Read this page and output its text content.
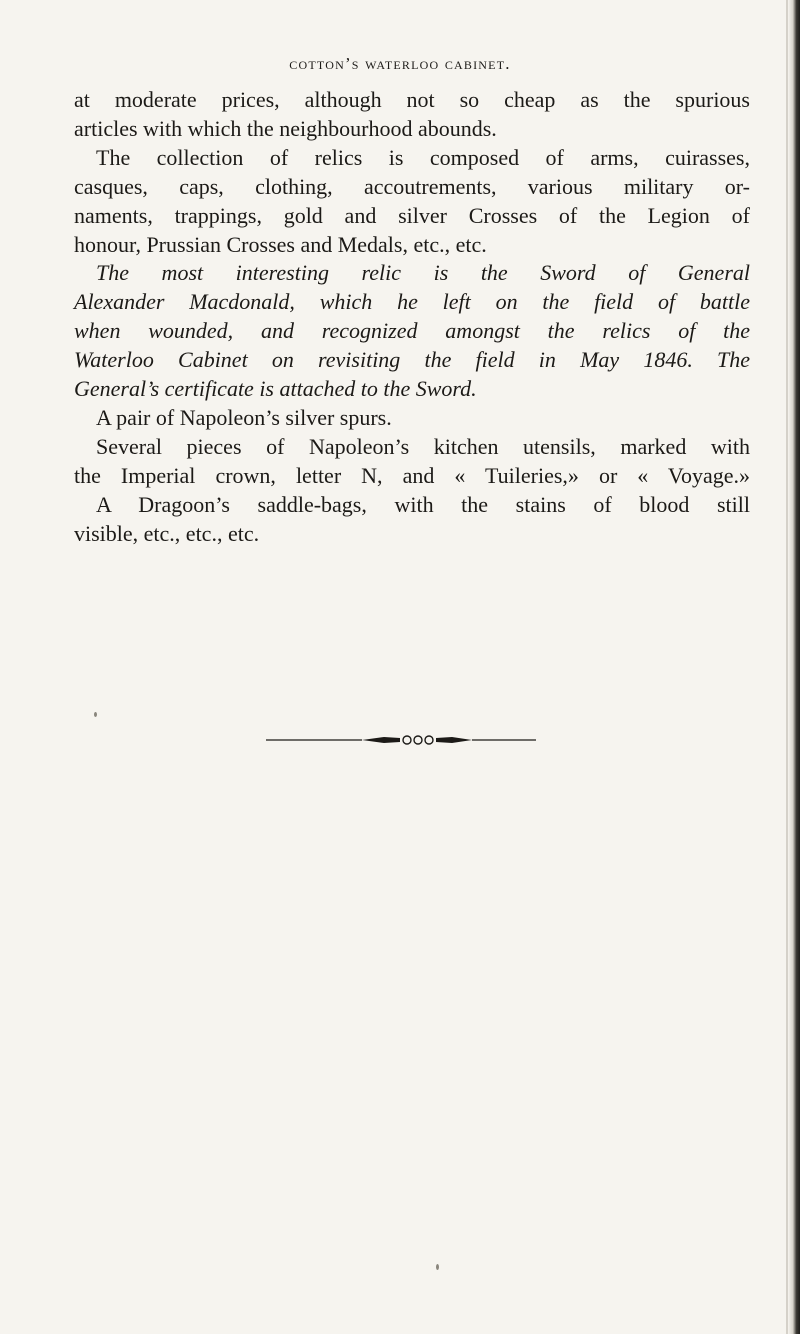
cotton’s waterloo cabinet.
at moderate prices, although not so cheap as the spurious
articles with which the neighbourhood abounds.
The collection of relics is composed of arms, cuirasses,
casques, caps, clothing, accoutrements, various military or-
naments, trappings, gold and silver Crosses of the Legion of
honour, Prussian Crosses and Medals, etc., etc.
The most interesting relic is the Sword of General
Alexander Macdonald, which he left on the field of battle
when wounded, and recognized amongst the relics of the
Waterloo Cabinet on revisiting the field in May 1846. The
General’s certificate is attached to the Sword.
A pair of Napoleon’s silver spurs.
Several pieces of Napoleon’s kitchen utensils, marked with
the Imperial crown, letter N, and « Tuileries,» or « Voyage.»
A Dragoon’s saddle-bags, with the stains of blood still
visible, etc., etc., etc.
